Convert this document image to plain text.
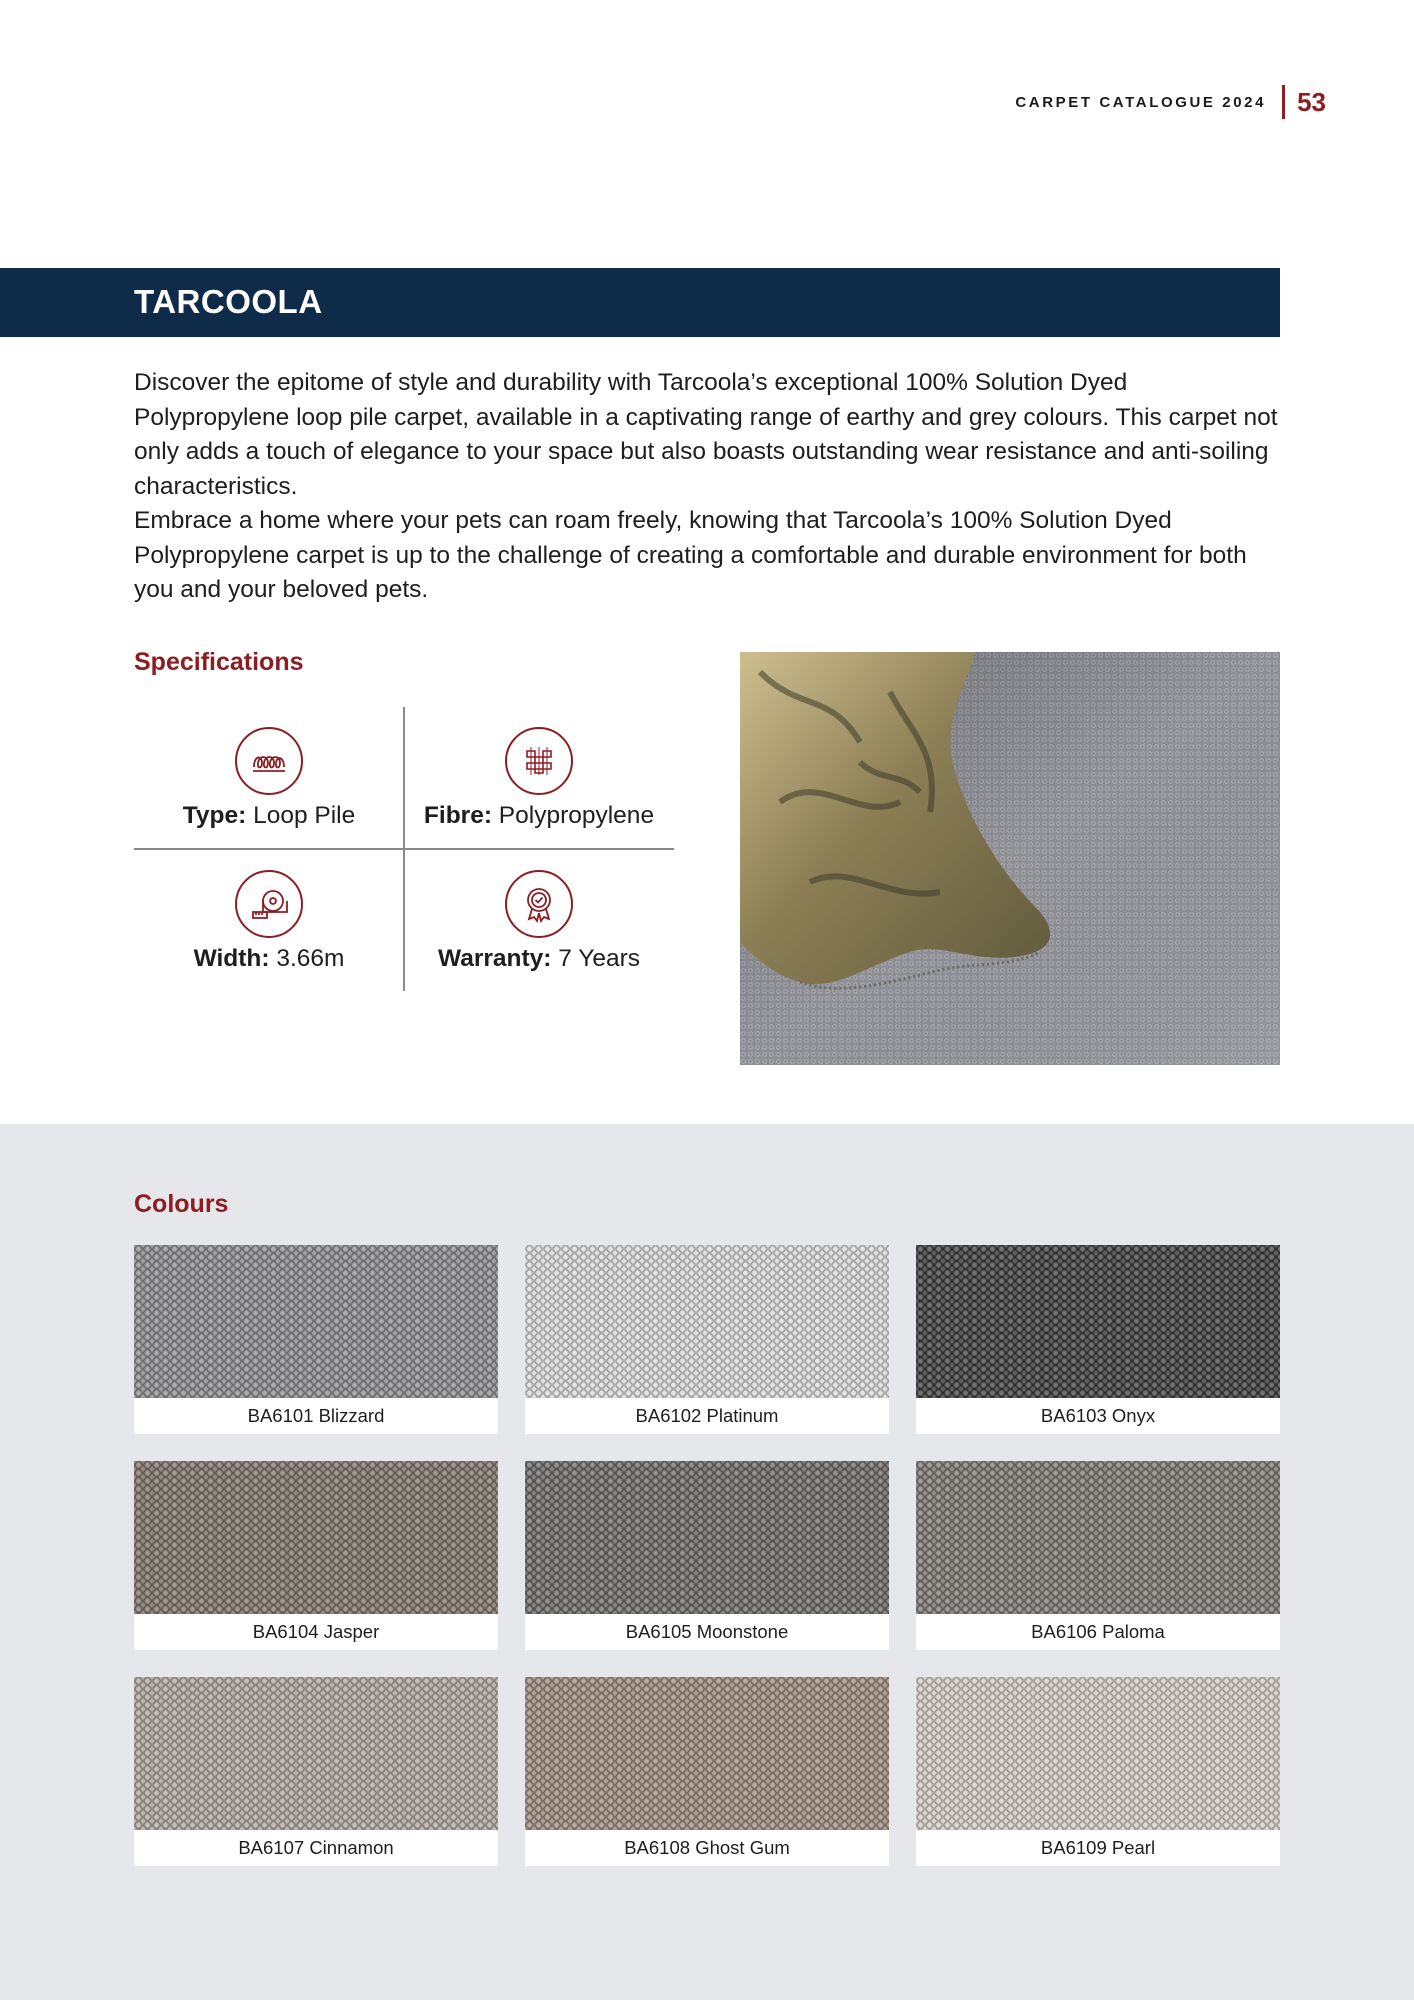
CARPET CATALOGUE 2024 53
TARCOOLA

Discover the epitome of style and durability with Tarcoola’s exceptional 100% Solution Dyed Polypropylene loop pile carpet, available in a captivating range of earthy and grey colours. This carpet not only adds a touch of elegance to your space but also boasts outstanding wear resistance and anti-soiling characteristics.

Embrace a home where your pets can roam freely, knowing that Tarcoola’s 100% Solution Dyed Polypropylene carpet is up to the challenge of creating a comfortable and durable environment for both you and your beloved pets.

Specifications
Type: Loop Pile	Fibre: Polypropylene
Width: 3.66m	Warranty: 7 Years
Colours
BA6101 Blizzard	BA6102 Platinum	BA6103 Onyx
BA6104 Jasper	BA6105 Moonstone	BA6106 Paloma
BA6107 Cinnamon	BA6108 Ghost Gum	BA6109 Pearl
